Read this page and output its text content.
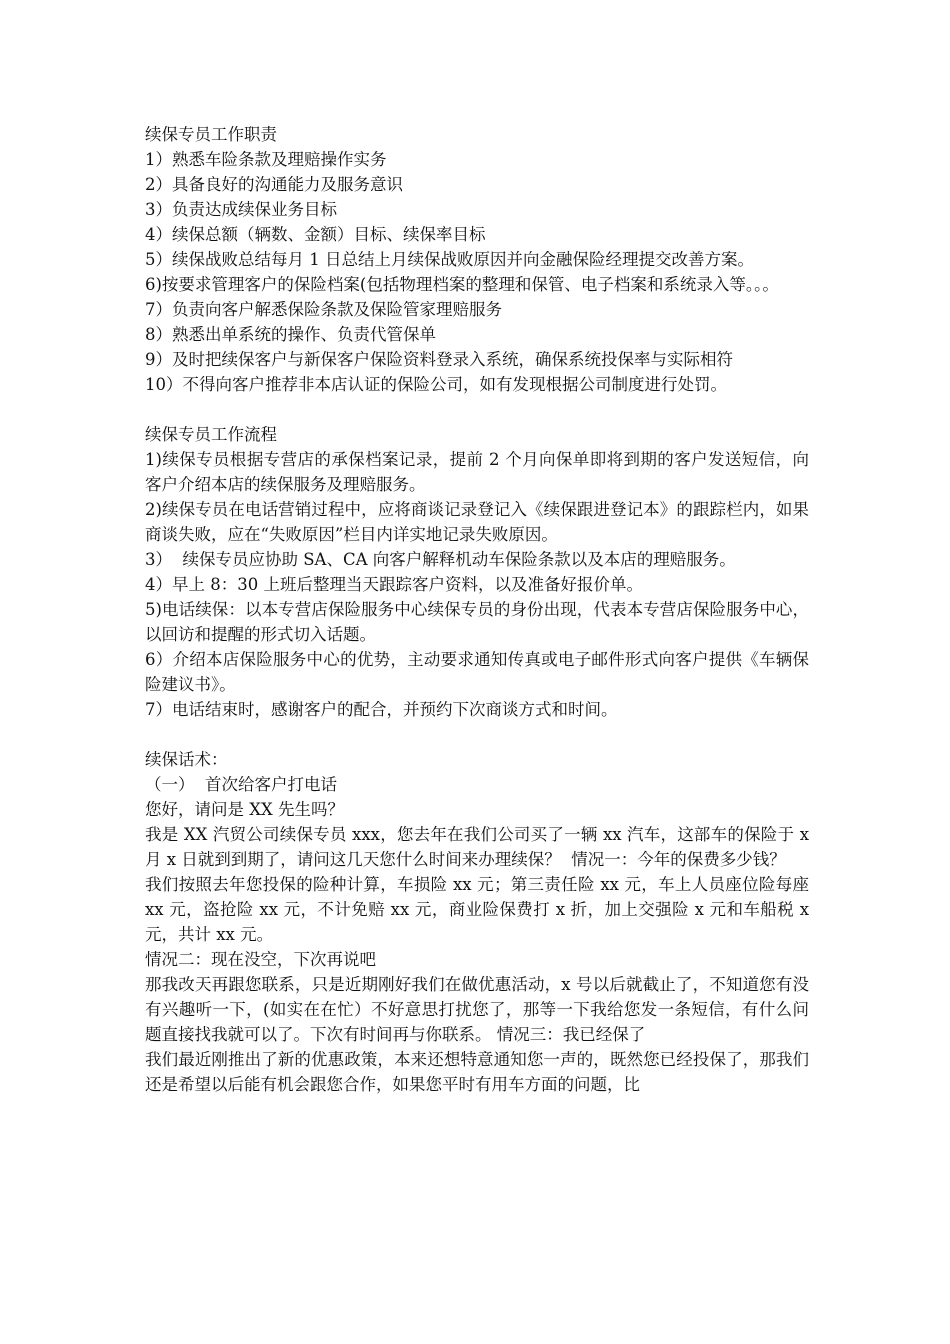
续保专员工作职责

1）熟悉车险条款及理赔操作实务

2）具备良好的沟通能力及服务意识

3）负责达成续保业务目标

4）续保总额（辆数、金额）目标、续保率目标

5）续保战败总结每月 1 日总结上月续保战败原因并向金融保险经理提交改善方案。

6)按要求管理客户的保险档案(包括物理档案的整理和保管、电子档案和系统录入等。。。

7）负责向客户解悉保险条款及保险管家理赔服务

8）熟悉出单系统的操作、负责代管保单

9）及时把续保客户与新保客户保险资料登录入系统，确保系统投保率与实际相符

10）不得向客户推荐非本店认证的保险公司，如有发现根据公司制度进行处罚。

续保专员工作流程

1)续保专员根据专营店的承保档案记录，提前 2 个月向保单即将到期的客户发送短信，向客户介绍本店的续保服务及理赔服务。

2)续保专员在电话营销过程中，应将商谈记录登记入《续保跟进登记本》的跟踪栏内，如果商谈失败，应在“失败原因”栏目内详实地记录失败原因。

3）  续保专员应协助 SA、CA 向客户解释机动车保险条款以及本店的理赔服务。

4）早上 8：30 上班后整理当天跟踪客户资料，以及准备好报价单。

5)电话续保：以本专营店保险服务中心续保专员的身份出现，代表本专营店保险服务中心，以回访和提醒的形式切入话题。

6）介绍本店保险服务中心的优势，主动要求通知传真或电子邮件形式向客户提供《车辆保险建议书》。

7）电话结束时，感谢客户的配合，并预约下次商谈方式和时间。

续保话术：

（一）  首次给客户打电话

您好，请问是 XX 先生吗？

我是 XX 汽贸公司续保专员 xxx，您去年在我们公司买了一辆 xx 汽车，这部车的保险于 x 月 x 日就到到期了，请问这几天您什么时间来办理续保？  情况一：今年的保费多少钱？

我们按照去年您投保的险种计算，车损险 xx 元；第三责任险 xx 元，车上人员座位险每座 xx 元，盗抢险 xx 元，不计免赔 xx 元，商业险保费打 x 折，加上交强险 x 元和车船税 x 元，共计 xx 元。

情况二：现在没空，下次再说吧

那我改天再跟您联系，只是近期刚好我们在做优惠活动，x 号以后就截止了，不知道您有没有兴趣听一下，(如实在在忙）不好意思打扰您了，那等一下我给您发一条短信，有什么问题直接找我就可以了。下次有时间再与你联系。 情况三：我已经保了

我们最近刚推出了新的优惠政策，本来还想特意通知您一声的，既然您已经投保了，那我们还是希望以后能有机会跟您合作，如果您平时有用车方面的问题，比
